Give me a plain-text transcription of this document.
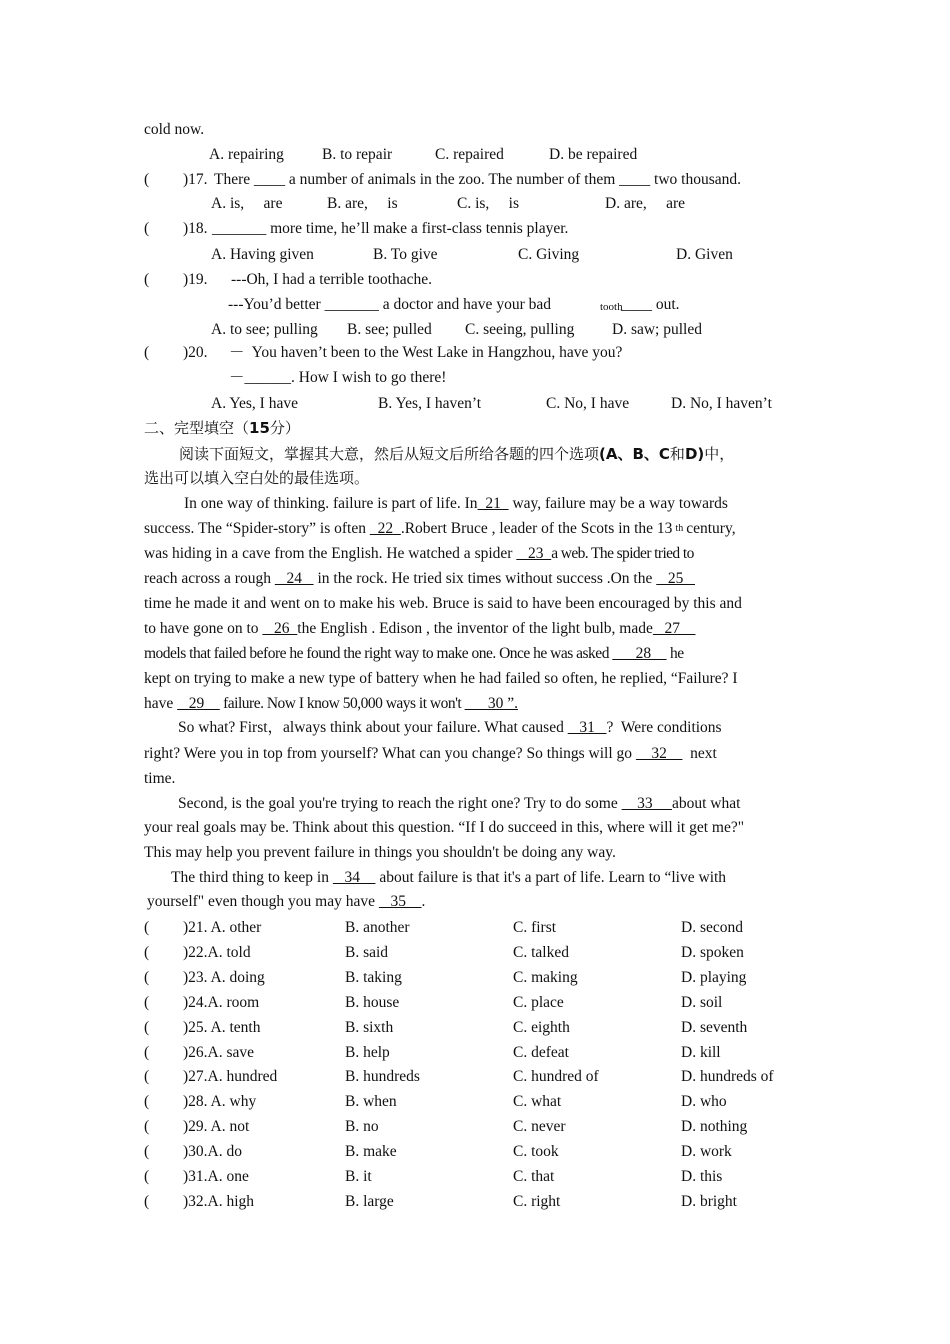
cold now.
A. repairing B. to repair	C. repaired	D. be repaired
( )17. There ____ a number of animals in the zoo. The number of them ____ two thousand.
A. is,     are	B. are,     is	C. is,     is	D. are,     are
( )18. _______ more time, he’ll make a first-class tennis player.
A. Having given	B. To give	C. Giving	D. Given
( )19. ---Oh, I had a terrible toothache.
---You’d better _______ a doctor and have your bad	tooth
____ out.
A. to see; pulling B. see; pulled C. seeing, pulling D. saw; pulled
( )20. －  You haven’t been to the West Lake in Hangzhou, have you?
－______. How I wish to go there!
A. Yes, I have	B. Yes, I haven’t	C. No, I have	D. No, I haven’t
二、完型填空（15分）
阅读下面短文，掌握其大意，然后从短文后所给各题的四个选项(A、B、C和D)中，
选出可以填入空白处的最佳选项。
In one way of thinking. failure is part of life. In  21   way, failure may be a way towards
success. The “Spider-story” is often   22  .Robert Bruce , leader of the Scots in the 13 $^{th}$ century,
was hiding in a cave from the English. He watched a spider    23  a web. The spider tried to
reach across a rough    24    in the rock. He tried six times without success .On the    25
time he made it and went on to make his web. Bruce is said to have been encouraged by this and
to have gone on to    26  the English . Edison , the inventor of the light bulb, made   27
models that failed before he found the right way to make one. Once he was asked       28     he
kept on trying to make a new type of battery when he had failed so often, he replied, “Failure? I
have    29     failure. Now I know 50,000 ways it won't       30 ”.
So what? First，always think about your failure. What caused    31   ?  Were conditions
right? Were you in top from yourself? What can you change? So things will go     32      next
time.
Second, is the goal you're trying to reach the right one? Try to do some     33     about what
your real goals may be. Think about this question. “If I do succeed in this, where will it get me?"
This may help you prevent failure in things you shouldn't be doing any way.
The third thing to keep in    34     about failure is that it's a part of life. Learn to “live with
yourself" even though you may have    35    .
( )21. A. other	B. another	C. first	D. second
( )22.A. told	B. said	C. talked	D. spoken
( )23. A. doing	B. taking	C. making	D. playing
( )24.A. room	B. house	C. place	D. soil
( )25. A. tenth	B. sixth	C. eighth	D. seventh
( )26.A. save	B. help	C. defeat	D. kill
( )27.A. hundred	B. hundreds	C. hundred of	D. hundreds of
( )28. A. why	B. when	C. what	D. who
( )29. A. not	B. no	C. never	D. nothing
( )30.A. do	B. make	C. took	D. work
( )31.A. one	B. it	C. that	D. this
( )32.A. high	B. large	C. right	D. bright
